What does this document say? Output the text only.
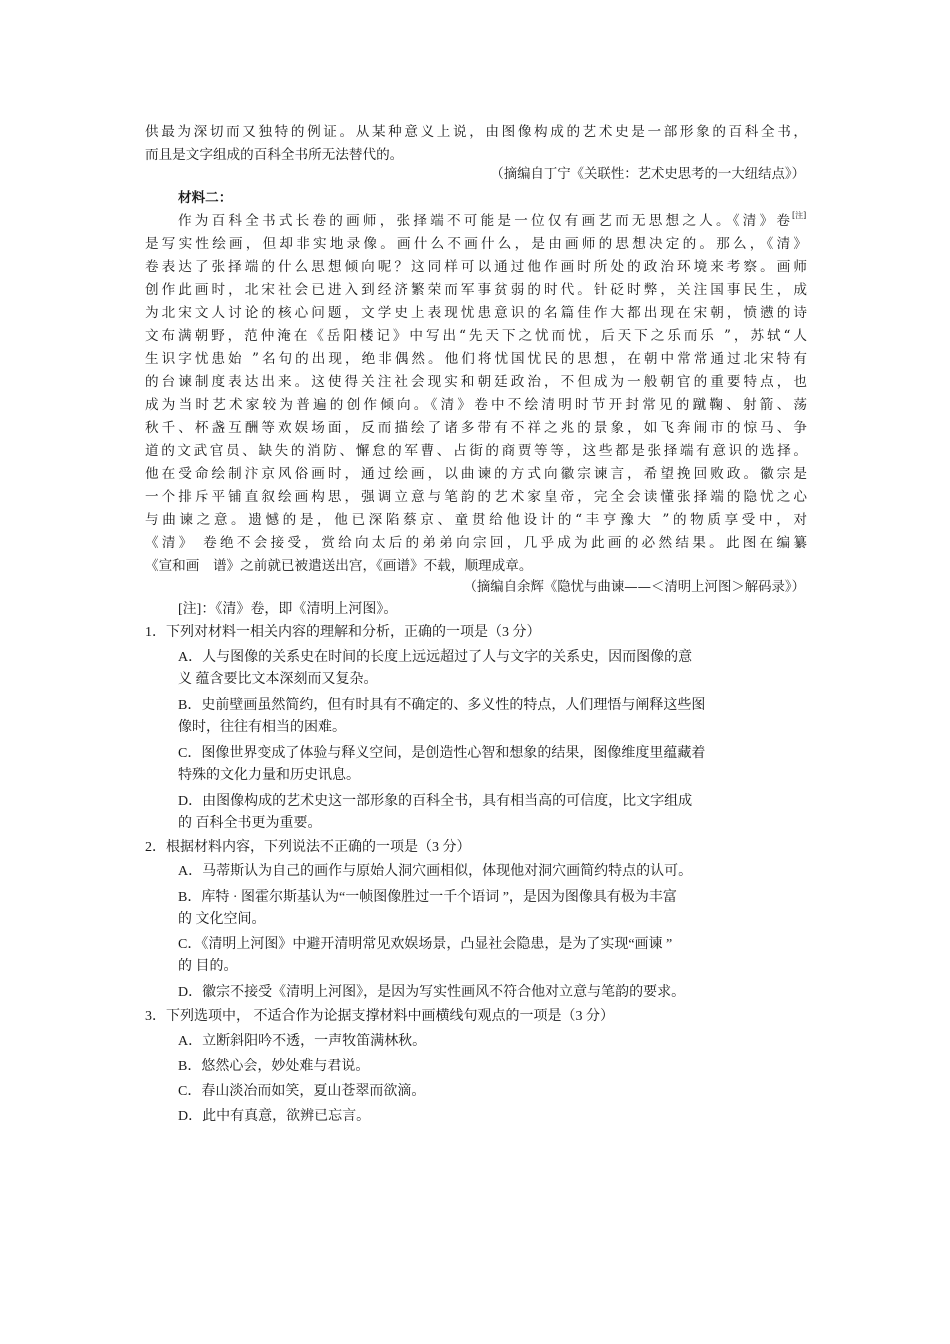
供最为深切而又独特的例证。从某种意义上说，由图像构成的艺术史是一部形象的百科全书，
而且是文字组成的百科全书所无法替代的。
（摘编自丁宁《关联性：艺术史思考的一大纽结点》）
材料二：
作为百科全书式长卷的画师，张择端不可能是一位仅有画艺而无思想之人。《清》卷 [注]
是写实性绘画，但却非实地录像。画什么不画什么，是由画师的思想决定的。那么，《清》
卷表达了张择端的什么思想倾向呢？这同样可以通过他作画时所处的政治环境来考察。画师
创作此画时，北宋社会已进入到经济繁荣而军事贫弱的时代。针砭时弊，关注国事民生，成
为北宋文人讨论的核心问题，文学史上表现忧患意识的名篇佳作大都出现在宋朝，愤懑的诗
文布满朝野，范仲淹在《岳阳楼记》中写出“先天下之忧而忧，后天下之乐而乐 ”，苏轼“人
生识字忧患始 ”名句的出现，绝非偶然。他们将忧国忧民的思想，在朝中常常通过北宋特有
的台谏制度表达出来。这使得关注社会现实和朝廷政治，不但成为一般朝官的重要特点，也
成为当时艺术家较为普遍的创作倾向。《清》卷中不绘清明时节开封常见的蹴鞠、射箭、荡
秋千、杯盏互酬等欢娱场面，反而描绘了诸多带有不祥之兆的景象，如飞奔闹市的惊马、争
道的文武官员、缺失的消防、懈怠的军曹、占街的商贾等等，这些都是张择端有意识的选择。
他在受命绘制汴京风俗画时，通过绘画，以曲谏的方式向徽宗谏言，希望挽回败政。徽宗是
一个排斥平铺直叙绘画构思，强调立意与笔韵的艺术家皇帝，完全会读懂张择端的隐忧之心
与曲谏之意。遗憾的是，他已深陷蔡京、童贯给他设计的“丰亨豫大 ”的物质享受中，对
《清》 卷绝不会接受，赏给向太后的弟弟向宗回，几乎成为此画的必然结果。此图在编纂
《宣和画　谱》之前就已被遣送出宫，《画谱》不载，顺理成章。
（摘编自余辉《隐忧与曲谏——＜清明上河图＞解码录》）
[注]：《清》卷，即《清明上河图》。
1．下列对材料一相关内容的理解和分析，正确的一项是（3 分）
A．人与图像的关系史在时间的长度上远远超过了人与文字的关系史，因而图像的意
义 蕴含要比文本深刻而又复杂。
B．史前壁画虽然简约，但有时具有不确定的、多义性的特点，人们理悟与阐释这些图
像时，往往有相当的困难。
C．图像世界变成了体验与释义空间，是创造性心智和想象的结果，图像维度里蕴藏着
特殊的文化力量和历史讯息。
D．由图像构成的艺术史这一部形象的百科全书，具有相当高的可信度，比文字组成
的 百科全书更为重要。
2．根据材料内容，下列说法不正确的一项是（3 分）
A．马蒂斯认为自己的画作与原始人洞穴画相似，体现他对洞穴画简约特点的认可。
B．库特 · 图霍尔斯基认为“一帧图像胜过一千个语词 ”，是因为图像具有极为丰富
的 文化空间。
C．《清明上河图》中避开清明常见欢娱场景，凸显社会隐患，是为了实现“画谏 ”
的 目的。
D．徽宗不接受《清明上河图》，是因为写实性画风不符合他对立意与笔韵的要求。
3．下列选项中， 不适合作为论据支撑材料中画横线句观点的一项是（3 分）
A．立断斜阳吟不透，一声牧笛满林秋。
B．悠然心会，妙处难与君说。
C．春山淡冶而如笑，夏山苍翠而欲滴。
D．此中有真意，欲辨已忘言。
